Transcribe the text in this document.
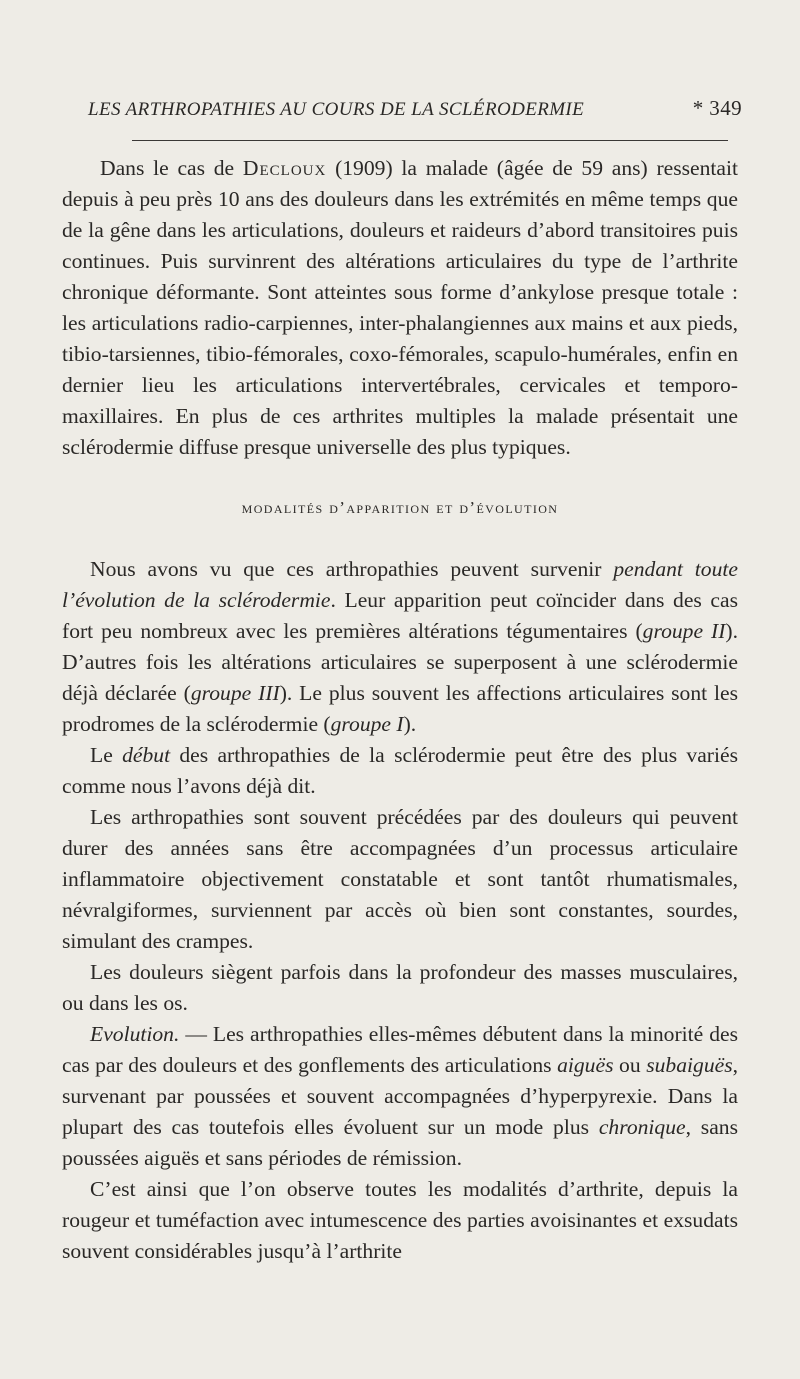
LES ARTHROPATHIES AU COURS DE LA SCLÉRODERMIE	* 349

Dans le cas de Decloux (1909) la malade (âgée de 59 ans) ressentait depuis à peu près 10 ans des douleurs dans les extrémités en même temps que de la gêne dans les articulations, douleurs et raideurs d’abord transitoires puis continues. Puis survinrent des altérations articulaires du type de l’arthrite chronique déformante. Sont atteintes sous forme d’ankylose presque totale : les articulations radio-carpiennes, inter-phalangiennes aux mains et aux pieds, tibio-tarsiennes, tibio-fémorales, coxo-fémorales, scapulo-humérales, enfin en dernier lieu les articulations intervertébrales, cervicales et temporo-maxillaires. En plus de ces arthrites multiples la malade présentait une sclérodermie diffuse presque universelle des plus typiques.

modalités d’apparition et d’évolution

Nous avons vu que ces arthropathies peuvent survenir pendant toute l’évolution de la sclérodermie. Leur apparition peut coïncider dans des cas fort peu nombreux avec les premières altérations tégumentaires (groupe II). D’autres fois les altérations articulaires se superposent à une sclérodermie déjà déclarée (groupe III). Le plus souvent les affections articulaires sont les prodromes de la sclérodermie (groupe I).

Le début des arthropathies de la sclérodermie peut être des plus variés comme nous l’avons déjà dit.

Les arthropathies sont souvent précédées par des douleurs qui peuvent durer des années sans être accompagnées d’un processus articulaire inflammatoire objectivement constatable et sont tantôt rhumatismales, névralgiformes, surviennent par accès où bien sont constantes, sourdes, simulant des crampes.

Les douleurs siègent parfois dans la profondeur des masses musculaires, ou dans les os.

Evolution. — Les arthropathies elles-mêmes débutent dans la minorité des cas par des douleurs et des gonflements des articulations aiguës ou subaiguës, survenant par poussées et souvent accompagnées d’hyperpyrexie. Dans la plupart des cas toutefois elles évoluent sur un mode plus chronique, sans poussées aiguës et sans périodes de rémission.

C’est ainsi que l’on observe toutes les modalités d’arthrite, depuis la rougeur et tuméfaction avec intumescence des parties avoisinantes et exsudats souvent considérables jusqu’à l’arthrite
